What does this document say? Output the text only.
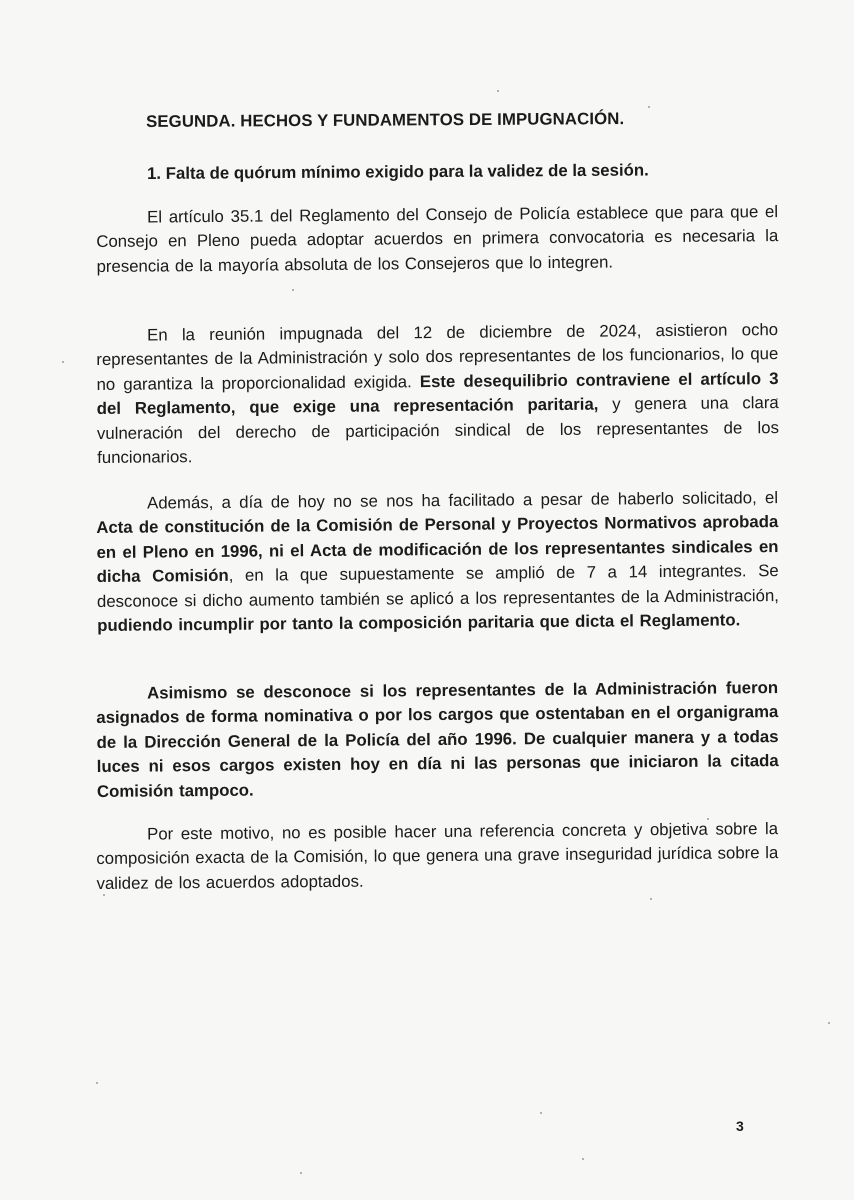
SEGUNDA. HECHOS Y FUNDAMENTOS DE IMPUGNACIÓN.
1. Falta de quórum mínimo exigido para la validez de la sesión.

El artículo 35.1 del Reglamento del Consejo de Policía establece que para que el Consejo en Pleno pueda adoptar acuerdos en primera convocatoria es necesaria la presencia de la mayoría absoluta de los Consejeros que lo integren.

En la reunión impugnada del 12 de diciembre de 2024, asistieron ocho representantes de la Administración y solo dos representantes de los funcionarios, lo que no garantiza la proporcionalidad exigida. Este desequilibrio contraviene el artículo 3 del Reglamento, que exige una representación paritaria, y genera una clara vulneración del derecho de participación sindical de los representantes de los funcionarios.

Además, a día de hoy no se nos ha facilitado a pesar de haberlo solicitado, el Acta de constitución de la Comisión de Personal y Proyectos Normativos aprobada en el Pleno en 1996, ni el Acta de modificación de los representantes sindicales en dicha Comisión, en la que supuestamente se amplió de 7 a 14 integrantes. Se desconoce si dicho aumento también se aplicó a los representantes de la Administración, pudiendo incumplir por tanto la composición paritaria que dicta el Reglamento.

Asimismo se desconoce si los representantes de la Administración fueron asignados de forma nominativa o por los cargos que ostentaban en el organigrama de la Dirección General de la Policía del año 1996. De cualquier manera y a todas luces ni esos cargos existen hoy en día ni las personas que iniciaron la citada Comisión tampoco.

Por este motivo, no es posible hacer una referencia concreta y objetiva sobre la composición exacta de la Comisión, lo que genera una grave inseguridad jurídica sobre la validez de los acuerdos adoptados.

3
